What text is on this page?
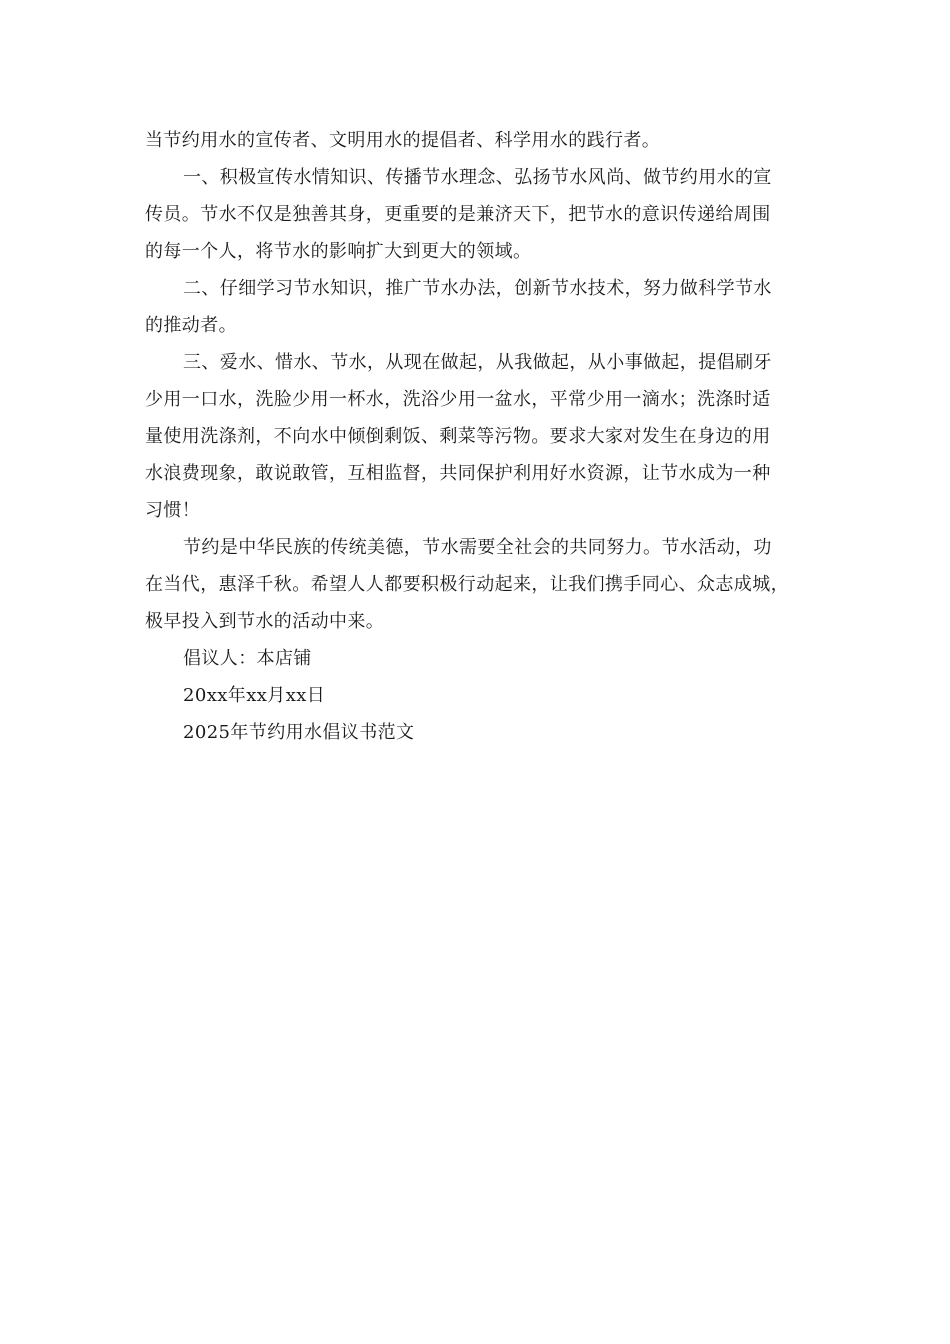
当节约用水的宣传者、文明用水的提倡者、科学用水的践行者。
一、积极宣传水情知识、传播节水理念、弘扬节水风尚、做节约用水的宣
传员。节水不仅是独善其身，更重要的是兼济天下，把节水的意识传递给周围
的每一个人，将节水的影响扩大到更大的领域。
二、仔细学习节水知识，推广节水办法，创新节水技术，努力做科学节水
的推动者。
三、爱水、惜水、节水，从现在做起，从我做起，从小事做起，提倡刷牙
少用一口水，洗脸少用一杯水，洗浴少用一盆水，平常少用一滴水；洗涤时适
量使用洗涤剂，不向水中倾倒剩饭、剩菜等污物。要求大家对发生在身边的用
水浪费现象，敢说敢管，互相监督，共同保护利用好水资源，让节水成为一种
习惯！
节约是中华民族的传统美德，节水需要全社会的共同努力。节水活动，功
在当代，惠泽千秋。希望人人都要积极行动起来，让我们携手同心、众志成城，
极早投入到节水的活动中来。
倡议人：本店铺
20xx年xx月xx日
2025年节约用水倡议书范文
